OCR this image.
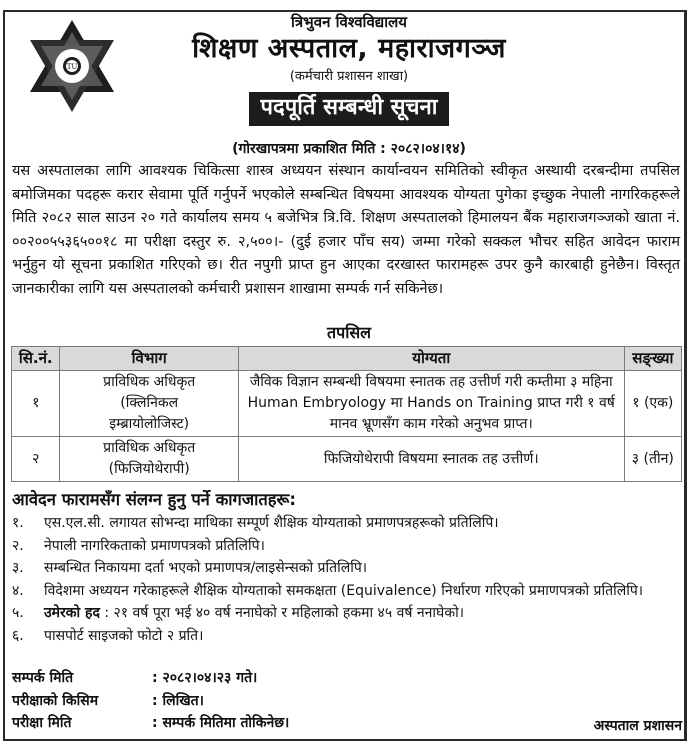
TU
त्रिभुवन विश्वविद्यालय
शिक्षण अस्पताल, महाराजगञ्ज
(कर्मचारी प्रशासन शाखा)
पदपूर्ति सम्बन्धी सूचना
(गोरखापत्रमा प्रकाशित मिति : २०८२।०४।१४)
यस अस्पतालका लागि आवश्यक चिकित्सा शास्त्र अध्ययन संस्थान कार्यान्वयन समितिको स्वीकृत अस्थायी दरबन्दीमा तपसिल बमोजिमका पदहरू करार सेवामा पूर्ति गर्नुपर्ने भएकोले सम्बन्धित विषयमा आवश्यक योग्यता पुगेका इच्छुक नेपाली नागरिकहरूले मिति २०८२ साल साउन २० गते कार्यालय समय ५ बजेभित्र त्रि.वि. शिक्षण अस्पतालको हिमालयन बैंक महाराजगञ्जको खाता नं. ००२००५५३६५००१८ मा परीक्षा दस्तुर रु. २,५००।- (दुई हजार पाँच सय) जम्मा गरेको सक्कल भौचर सहित आवेदन फाराम भर्नुहुन यो सूचना प्रकाशित गरिएको छ। रीत नपुगी प्राप्त हुन आएका दरखास्त फारामहरू उपर कुनै कारबाही हुनेछैन। विस्तृत जानकारीका लागि यस अस्पतालको कर्मचारी प्रशासन शाखामा सम्पर्क गर्न सकिनेछ।
तपसिल
सि.नं.	विभाग	योग्यता	सङ्ख्या
१	प्राविधिक अधिकृत
(क्लिनिकल
इम्ब्रायोलोजिस्ट)	जैविक विज्ञान सम्बन्धी विषयमा स्नातक तह उत्तीर्ण गरी कम्तीमा ३ महिना Human Embryology मा Hands on Training प्राप्त गरी १ वर्ष मानव भ्रूणसँग काम गरेको अनुभव प्राप्त।	१ (एक)
२	प्राविधिक अधिकृत
(फिजियोथेरापी)	फिजियोथेरापी विषयमा स्नातक तह उत्तीर्ण।	३ (तीन)
आवेदन फारामसँग संलग्न हुनु पर्ने कागजातहरू:
१.	एस.एल.सी. लगायत सोभन्दा माथिका सम्पूर्ण शैक्षिक योग्यताको प्रमाणपत्रहरूको प्रतिलिपि।
२.	नेपाली नागरिकताको प्रमाणपत्रको प्रतिलिपि।
३.	सम्बन्धित निकायमा दर्ता भएको प्रमाणपत्र/लाइसेन्सको प्रतिलिपि।
४.	विदेशमा अध्ययन गरेकाहरूले शैक्षिक योग्यताको समकक्षता (Equivalence) निर्धारण गरिएको प्रमाणपत्रको प्रतिलिपि।
५.	उमेरको हद : २१ वर्ष पूरा भई ४० वर्ष ननाघेको र महिलाको हकमा ४५ वर्ष ननाघेको।
६.	पासपोर्ट साइजको फोटो २ प्रति।
सम्पर्क मिति	: २०८२।०४।२३ गते।
परीक्षाको किसिम	: लिखित।
परीक्षा मिति	: सम्पर्क मितिमा तोकिनेछ।	अस्पताल प्रशासन
